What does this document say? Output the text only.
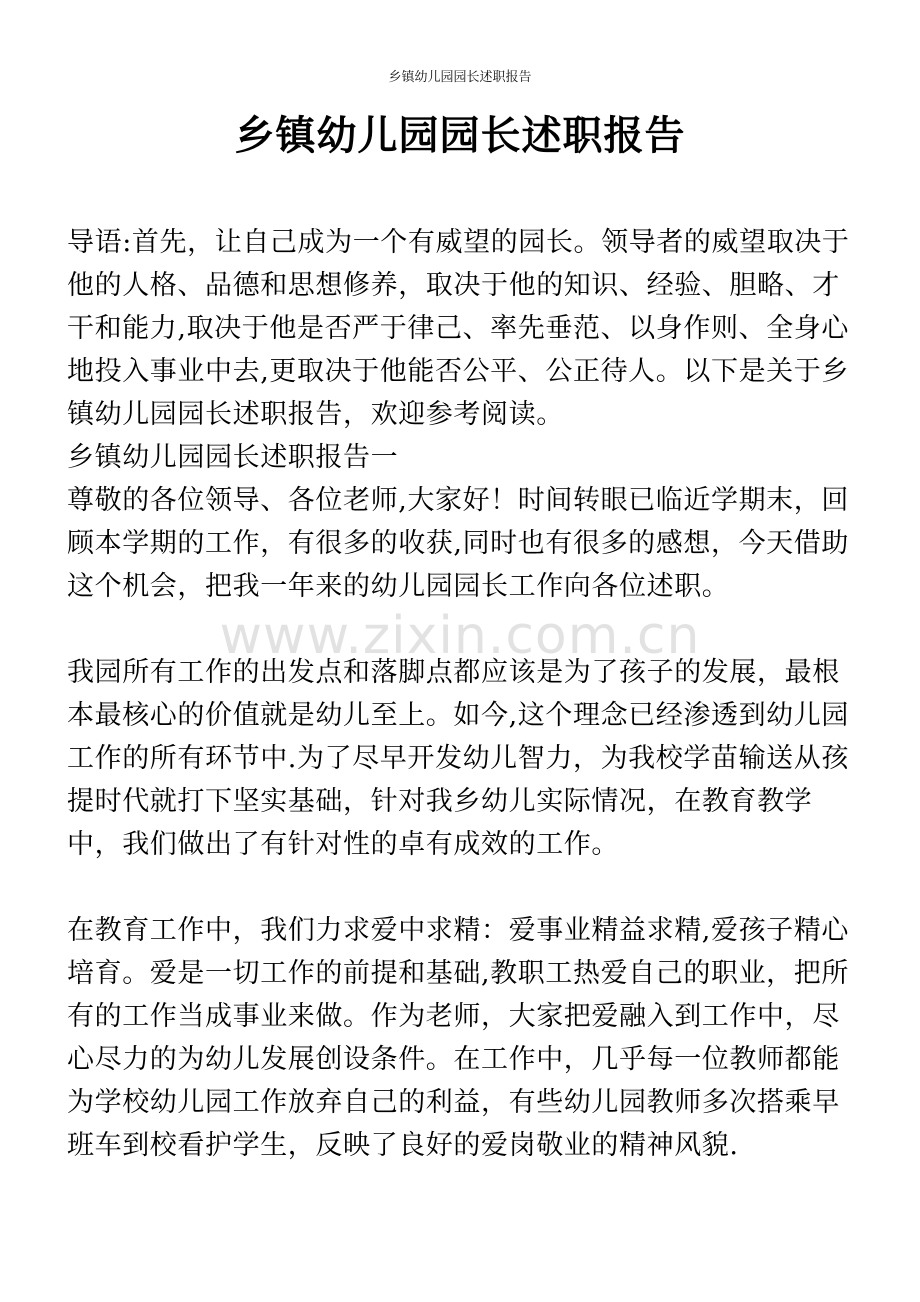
乡镇幼儿园园长述职报告
乡镇幼儿园园长述职报告

导语:首先，让自己成为一个有威望的园长。领导者的威望取决于他的人格、品德和思想修养，取决于他的知识、经验、胆略、才干和能力,取决于他是否严于律己、率先垂范、以身作则、全身心地投入事业中去,更取决于他能否公平、公正待人。以下是关于乡镇幼儿园园长述职报告，欢迎参考阅读。

乡镇幼儿园园长述职报告一

尊敬的各位领导、各位老师,大家好！时间转眼已临近学期末，回顾本学期的工作，有很多的收获,同时也有很多的感想，今天借助这个机会，把我一年来的幼儿园园长工作向各位述职。

我园所有工作的出发点和落脚点都应该是为了孩子的发展，最根本最核心的价值就是幼儿至上。如今,这个理念已经渗透到幼儿园工作的所有环节中.为了尽早开发幼儿智力，为我校学苗输送从孩提时代就打下坚实基础，针对我乡幼儿实际情况，在教育教学中，我们做出了有针对性的卓有成效的工作。

在教育工作中，我们力求爱中求精：爱事业精益求精,爱孩子精心培育。爱是一切工作的前提和基础,教职工热爱自己的职业，把所有的工作当成事业来做。作为老师，大家把爱融入到工作中，尽心尽力的为幼儿发展创设条件。在工作中，几乎每一位教师都能为学校幼儿园工作放弃自己的利益，有些幼儿园教师多次搭乘早班车到校看护学生，反映了良好的爱岗敬业的精神风貌.

www.zixin.com.cn
